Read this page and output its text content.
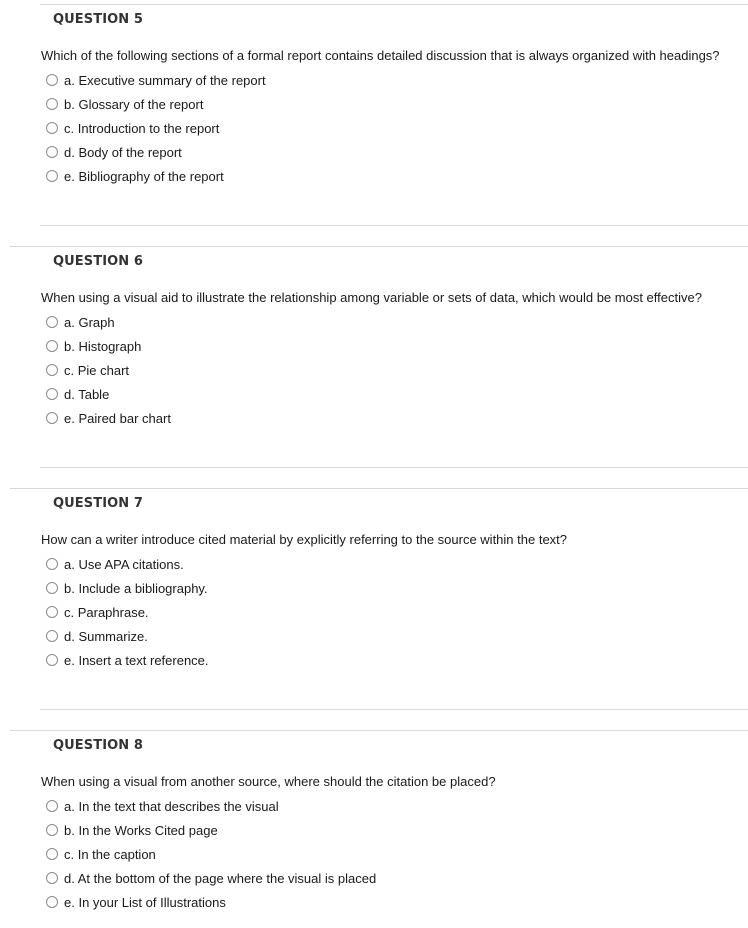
QUESTION 5
Which of the following sections of a formal report contains detailed discussion that is always organized with headings?
a. Executive summary of the report
b. Glossary of the report
c. Introduction to the report
d. Body of the report
e. Bibliography of the report
QUESTION 6
When using a visual aid to illustrate the relationship among variable or sets of data, which would be most effective?
a. Graph
b. Histograph
c. Pie chart
d. Table
e. Paired bar chart
QUESTION 7
How can a writer introduce cited material by explicitly referring to the source within the text?
a. Use APA citations.
b. Include a bibliography.
c. Paraphrase.
d. Summarize.
e. Insert a text reference.
QUESTION 8
When using a visual from another source, where should the citation be placed?
a. In the text that describes the visual
b. In the Works Cited page
c. In the caption
d. At the bottom of the page where the visual is placed
e. In your List of Illustrations
